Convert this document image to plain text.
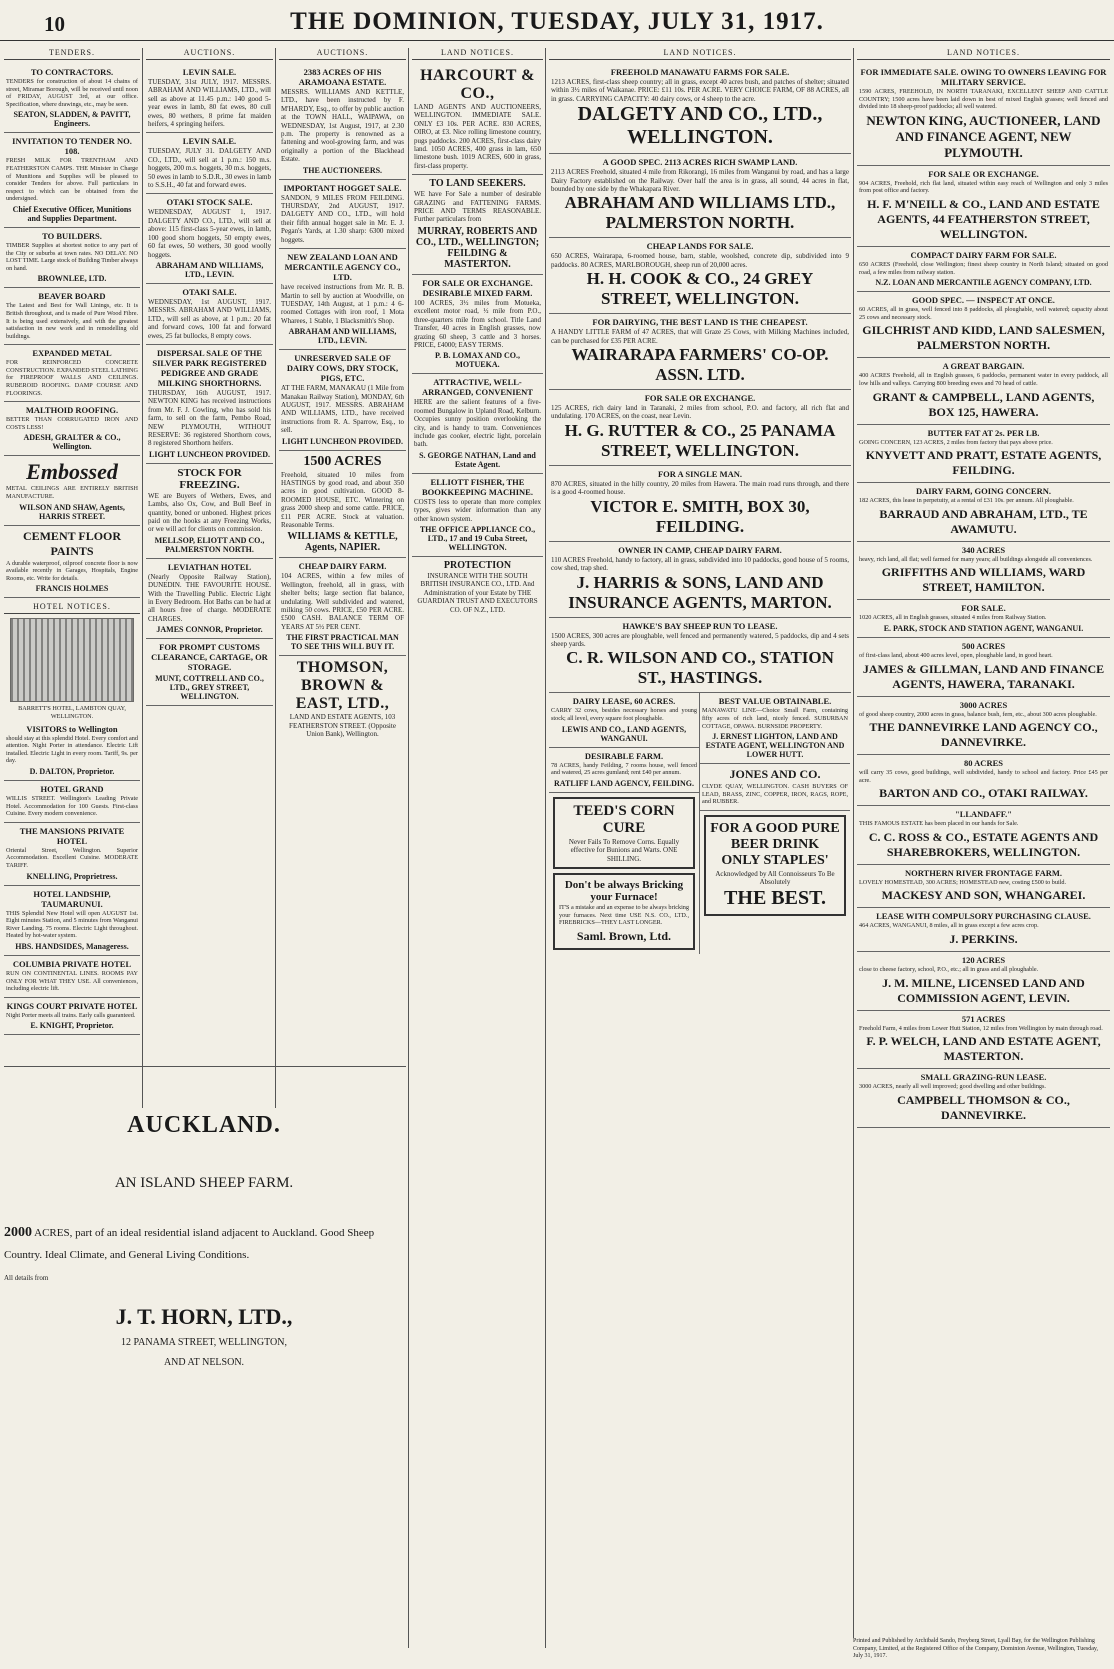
10	THE DOMINION, TUESDAY, JULY 31, 1917.
TENDERS.
TO CONTRACTORS.
TENDERS for construction of about 14 chains of street, Miramar Borough, will be received until noon of FRIDAY, AUGUST 3rd, at our office. Specification, where drawings, etc., may be seen.
SEATON, SLADDEN, & PAVITT, Engineers.
INVITATION TO TENDER NO. 108.
FRESH MILK FOR TRENTHAM AND FEATHERSTON CAMPS. THE Minister in Charge of Munitions and Supplies will be pleased to consider Tenders for above. Full particulars in respect to which can be obtained from the undersigned.
Chief Executive Officer, Munitions and Supplies Department.
TO BUILDERS.
TIMBER Supplies at shortest notice to any part of the City or suburbs at town rates. NO DELAY. NO LOST TIME. Large stock of Building Timber always on hand.
BROWNLEE, LTD.
BEAVER BOARD
The Latest and Best for Wall Linings, etc. It is British throughout, and is made of Pure Wood Fibre. It is being used extensively, and with the greatest satisfaction in new work and in remodelling old buildings.
EXPANDED METAL
FOR REINFORCED CONCRETE CONSTRUCTION. EXPANDED STEEL LATHING for FIREPROOF WALLS AND CEILINGS. RUBEROID ROOFING. DAMP COURSE AND FLOORINGS.
MALTHOID ROOFING.
BETTER THAN CORRUGATED IRON AND COSTS LESS!
ADESH, GRALTER & CO., Wellington.
Embossed
METAL CEILINGS ARE ENTIRELY BRITISH MANUFACTURE.
WILSON AND SHAW, Agents, HARRIS STREET.
CEMENT FLOOR PAINTS
A durable waterproof, oilproof concrete floor is now available recently in Garages, Hospitals, Engine Rooms, etc. Write for details.
FRANCIS HOLMES
HOTEL NOTICES.
BARRETT'S HOTEL, LAMBTON QUAY, WELLINGTON.
VISITORS to Wellington
should stay at this splendid Hotel. Every comfort and attention. Night Porter in attendance. Electric Lift installed. Electric Light in every room. Tariff, 9s. per day.
D. DALTON, Proprietor.
HOTEL GRAND
WILLIS STREET. Wellington's Leading Private Hotel. Accommodation for 100 Guests. First-class Cuisine. Every modern convenience.
THE MANSIONS PRIVATE HOTEL
Oriental Street, Wellington. Superior Accommodation. Excellent Cuisine. MODERATE TARIFF.
KNELLING, Proprietress.
HOTEL LANDSHIP, TAUMARUNUI.
THIS Splendid New Hotel will open AUGUST 1st. Eight minutes Station, and 5 minutes from Wanganui River Landing. 75 rooms. Electric Light throughout. Heated by hot-water system.
HBS. HANDSIDES, Manageress.
COLUMBIA PRIVATE HOTEL
RUN ON CONTINENTAL LINES. ROOMS PAY ONLY FOR WHAT THEY USE. All conveniences, including electric lift.
KINGS COURT PRIVATE HOTEL
Night Porter meets all trains. Early calls guaranteed.
E. KNIGHT, Proprietor.
AUCTIONS.
LEVIN SALE.
TUESDAY, 31st JULY, 1917. MESSRS. ABRAHAM AND WILLIAMS, LTD., will sell as above at 11.45 p.m.: 140 good 5-year ewes in lamb, 80 fat ewes, 80 cull ewes, 80 wethers, 8 prime fat maiden heifers, 4 springing heifers.
LEVIN SALE.
TUESDAY, JULY 31. DALGETY AND CO., LTD., will sell at 1 p.m.: 150 m.s. hoggets, 200 m.s. hoggets, 30 m.s. hoggets, 50 ewes in lamb to S.D.R., 30 ewes in lamb to S.S.H., 40 fat and forward ewes.
OTAKI STOCK SALE.
WEDNESDAY, AUGUST 1, 1917. DALGETY AND CO., LTD., will sell at above: 115 first-class 5-year ewes, in lamb, 100 good shorn hoggets, 50 empty ewes, 60 fat ewes, 50 wethers, 30 good woolly hoggets.
ABRAHAM AND WILLIAMS, LTD., LEVIN.
OTAKI SALE.
WEDNESDAY, 1st AUGUST, 1917. MESSRS. ABRAHAM AND WILLIAMS, LTD., will sell as above, at 1 p.m.: 20 fat and forward cows, 100 fat and forward ewes, 25 fat bullocks, 8 empty cows.
DISPERSAL SALE OF THE SILVER PARK REGISTERED PEDIGREE AND GRADE MILKING SHORTHORNS.
THURSDAY, 16th AUGUST, 1917. NEWTON KING has received instructions from Mr. F. J. Cowling, who has sold his farm, to sell on the farm, Pembo Road, NEW PLYMOUTH, WITHOUT RESERVE: 36 registered Shorthorn cows, 8 registered Shorthorn heifers.
LIGHT LUNCHEON PROVIDED.
STOCK FOR FREEZING.
WE are Buyers of Wethers, Ewes, and Lambs, also Ox, Cow, and Bull Beef in quantity, boned or unboned. Highest prices paid on the hooks at any Freezing Works, or we will act for clients on commission.
MELLSOP, ELIOTT AND CO., PALMERSTON NORTH.
LEVIATHAN HOTEL
(Nearly Opposite Railway Station), DUNEDIN. THE FAVOURITE HOUSE. With the Travelling Public. Electric Light in Every Bedroom. Hot Baths can be had at all hours free of charge. MODERATE CHARGES.
JAMES CONNOR, Proprietor.
FOR PROMPT CUSTOMS CLEARANCE, CARTAGE, OR STORAGE.
MUNT, COTTRELL AND CO., LTD., GREY STREET, WELLINGTON.
AUCTIONS.
2383 ACRES OF HIS ARAMOANA ESTATE.
MESSRS. WILLIAMS AND KETTLE, LTD., have been instructed by F. M'HARDY, Esq., to offer by public auction at the TOWN HALL, WAIPAWA, on WEDNESDAY, 1st August, 1917, at 2.30 p.m. The property is renowned as a fattening and wool-growing farm, and was originally a portion of the Blackhead Estate.
THE AUCTIONEERS.
IMPORTANT HOGGET SALE.
SANDON, 9 MILES FROM FEILDING. THURSDAY, 2nd AUGUST, 1917. DALGETY AND CO., LTD., will hold their fifth annual hogget sale in Mr. E. J. Pegan's Yards, at 1.30 sharp: 6300 mixed hoggets.
NEW ZEALAND LOAN AND MERCANTILE AGENCY CO., LTD.
have received instructions from Mr. R. B. Martin to sell by auction at Woodville, on TUESDAY, 14th August, at 1 p.m.: 4 6-roomed Cottages with iron roof, 1 Mota Wharees, 1 Stable, 1 Blacksmith's Shop.
ABRAHAM AND WILLIAMS, LTD., LEVIN.
UNRESERVED SALE OF DAIRY COWS, DRY STOCK, PIGS, ETC.
AT THE FARM, MANAKAU (1 Mile from Manakau Railway Station), MONDAY, 6th AUGUST, 1917. MESSRS. ABRAHAM AND WILLIAMS, LTD., have received instructions from R. A. Sparrow, Esq., to sell.
LIGHT LUNCHEON PROVIDED.
1500 ACRES
Freehold, situated 10 miles from HASTINGS by good road, and about 350 acres in good cultivation. GOOD 8-ROOMED HOUSE, ETC. Wintering on grass 2000 sheep and some cattle. PRICE, £11 PER ACRE. Stock at valuation. Reasonable Terms.
WILLIAMS & KETTLE, Agents, NAPIER.
CHEAP DAIRY FARM.
104 ACRES, within a few miles of Wellington, freehold, all in grass, with shelter belts; large section flat balance, undulating. Well subdivided and watered, milking 50 cows. PRICE, £50 PER ACRE. £500 CASH. BALANCE TERM OF YEARS AT 5½ PER CENT.
THE FIRST PRACTICAL MAN TO SEE THIS WILL BUY IT.
THOMSON, BROWN & EAST, LTD.,
LAND AND ESTATE AGENTS, 103 FEATHERSTON STREET. (Opposite Union Bank), Wellington.
LAND NOTICES.
HARCOURT & CO.,
LAND AGENTS AND AUCTIONEERS, WELLINGTON. IMMEDIATE SALE. ONLY £3 10s. PER ACRE. 830 ACRES, OIRO, at £3. Nice rolling limestone country, pugs paddocks. 200 ACRES, first-class dairy land. 1050 ACRES, 400 grass in lam, 650 limestone bush. 1019 ACRES, 600 in grass, first-class property.
TO LAND SEEKERS.
WE have For Sale a number of desirable GRAZING and FATTENING FARMS. PRICE AND TERMS REASONABLE. Further particulars from
MURRAY, ROBERTS AND CO., LTD., WELLINGTON; FEILDING & MASTERTON.
FOR SALE OR EXCHANGE. DESIRABLE MIXED FARM.
100 ACRES, 3½ miles from Motueka, excellent motor road, ½ mile from P.O., three-quarters mile from school. Title Land Transfer, 40 acres in English grasses, now grazing 60 sheep, 3 cattle and 3 horses. PRICE, £4000; EASY TERMS.
P. B. LOMAX AND CO., MOTUEKA.
ATTRACTIVE, WELL-ARRANGED, CONVENIENT
HERE are the salient features of a five-roomed Bungalow in Upland Road, Kelburn. Occupies sunny position overlooking the city, and is handy to tram. Conveniences include gas cooker, electric light, porcelain bath.
S. GEORGE NATHAN, Land and Estate Agent.
ELLIOTT FISHER, THE BOOKKEEPING MACHINE.
COSTS less to operate than more complex types, gives wider information than any other known system.
THE OFFICE APPLIANCE CO., LTD., 17 and 19 Cuba Street, WELLINGTON.
PROTECTION
INSURANCE WITH THE SOUTH BRITISH INSURANCE CO., LTD. And Administration of your Estate by THE GUARDIAN TRUST AND EXECUTORS CO. OF N.Z., LTD.
LAND NOTICES.
FREEHOLD MANAWATU FARMS FOR SALE.
1213 ACRES, first-class sheep country; all in grass, except 40 acres bush, and patches of shelter; situated within 3½ miles of Waikanae. PRICE: £11 10s. PER ACRE. VERY CHOICE FARM, OF 88 ACRES, all in grass. CARRYING CAPACITY: 40 dairy cows, or 4 sheep to the acre.
DALGETY AND CO., LTD., WELLINGTON.
A GOOD SPEC. 2113 ACRES RICH SWAMP LAND.
2113 ACRES Freehold, situated 4 mile from Rikorangi, 16 miles from Wanganui by road, and has a large Dairy Factory established on the Railway. Over half the area is in grass, all sound, 44 acres in flat, bounded by one side by the Whakapara River.
ABRAHAM AND WILLIAMS LTD., PALMERSTON NORTH.
CHEAP LANDS FOR SALE.
650 ACRES, Wairarapa, 6-roomed house, barn, stable, woolshed, concrete dip, subdivided into 9 paddocks. 80 ACRES, MARLBOROUGH, sheep run of 20,000 acres.
H. H. COOK & CO., 24 GREY STREET, WELLINGTON.
FOR DAIRYING, THE BEST LAND IS THE CHEAPEST.
A HANDY LITTLE FARM of 47 ACRES, that will Graze 25 Cows, with Milking Machines included, can be purchased for £35 PER ACRE.
WAIRARAPA FARMERS' CO-OP. ASSN. LTD.
FOR SALE OR EXCHANGE.
125 ACRES, rich dairy land in Taranaki, 2 miles from school, P.O. and factory, all rich flat and undulating. 170 ACRES, on the coast, near Levin.
H. G. RUTTER & CO., 25 PANAMA STREET, WELLINGTON.
FOR A SINGLE MAN.
870 ACRES, situated in the hilly country, 20 miles from Hawera. The main road runs through, and there is a good 4-roomed house.
VICTOR E. SMITH, BOX 30, FEILDING.
OWNER IN CAMP, CHEAP DAIRY FARM.
110 ACRES Freehold, handy to factory, all in grass, subdivided into 10 paddocks, good house of 5 rooms, cow shed, trap shed.
J. HARRIS & SONS, LAND AND INSURANCE AGENTS, MARTON.
HAWKE'S BAY SHEEP RUN TO LEASE.
1500 ACRES, 300 acres are ploughable, well fenced and permanently watered, 5 paddocks, dip and 4 sets sheep yards.
C. R. WILSON AND CO., STATION ST., HASTINGS.
DAIRY LEASE, 60 ACRES.
CARRY 32 cows, besides necessary horses and young stock; all level, every square foot ploughable.
LEWIS AND CO., LAND AGENTS, WANGANUI.
DESIRABLE FARM.
78 ACRES, handy Feilding, 7 rooms house, well fenced and watered, 25 acres gumland; rent £40 per annum.
RATLIFF LAND AGENCY, FEILDING.
TEED'S CORN CURE
Never Fails To Remove Corns. Equally effective for Bunions and Warts. ONE SHILLING.
Don't be always Bricking your Furnace!
IT'S a mistake and an expense to be always bricking your furnaces. Next time USE N.S. CO., LTD., FIREBRICKS—THEY LAST LONGER.
Saml. Brown, Ltd.
BEST VALUE OBTAINABLE.
MANAWATU LINE—Choice Small Farm, containing fifty acres of rich land, nicely fenced. SUBURBAN COTTAGE, OPAWA. BURNSIDE PROPERTY.
J. ERNEST LIGHTON, LAND AND ESTATE AGENT, WELLINGTON AND LOWER HUTT.
JONES AND CO.
CLYDE QUAY, WELLINGTON. CASH BUYERS OF LEAD, BRASS, ZINC, COPPER, IRON, RAGS, ROPE, and RUBBER.
FOR A GOOD PURE BEER DRINK ONLY STAPLES'
Acknowledged by All Connoisseurs To Be Absolutely
THE BEST.
LAND NOTICES.
FOR IMMEDIATE SALE. OWING TO OWNERS LEAVING FOR MILITARY SERVICE.
1590 ACRES, FREEHOLD, IN NORTH TARANAKI, EXCELLENT SHEEP AND CATTLE COUNTRY; 1500 acres have been laid down in best of mixed English grasses; well fenced and divided into 18 sheep-proof paddocks; all well watered.
NEWTON KING, AUCTIONEER, LAND AND FINANCE AGENT, NEW PLYMOUTH.
FOR SALE OR EXCHANGE.
904 ACRES, Freehold, rich flat land, situated within easy reach of Wellington and only 3 miles from post office and factory.
H. F. M'NEILL & CO., LAND AND ESTATE AGENTS, 44 FEATHERSTON STREET, WELLINGTON.
COMPACT DAIRY FARM FOR SALE.
650 ACRES (Freehold, close Wellington; finest sheep country in North Island; situated on good road, a few miles from railway station.
N.Z. LOAN AND MERCANTILE AGENCY COMPANY, LTD.
GOOD SPEC. — INSPECT AT ONCE.
60 ACRES, all in grass, well fenced into 8 paddocks, all ploughable, well watered; capacity about 25 cows and necessary stock.
GILCHRIST AND KIDD, LAND SALESMEN, PALMERSTON NORTH.
A GREAT BARGAIN.
400 ACRES Freehold, all in English grasses, 6 paddocks, permanent water in every paddock, all low hills and valleys. Carrying 800 breeding ewes and 70 head of cattle.
GRANT & CAMPBELL, LAND AGENTS, BOX 125, HAWERA.
BUTTER FAT AT 2s. PER LB.
GOING CONCERN, 123 ACRES, 2 miles from factory that pays above price.
KNYVETT AND PRATT, ESTATE AGENTS, FEILDING.
DAIRY FARM, GOING CONCERN.
182 ACRES, this lease in perpetuity, at a rental of £31 10s. per annum. All ploughable.
BARRAUD AND ABRAHAM, LTD., TE AWAMUTU.
340 ACRES
heavy, rich land, all flat; well farmed for many years; all buildings alongside all conveniences.
GRIFFITHS AND WILLIAMS, WARD STREET, HAMILTON.
FOR SALE.
1020 ACRES, all in English grasses, situated 4 miles from Railway Station.
E. PARK, STOCK AND STATION AGENT, WANGANUI.
500 ACRES
of first-class land, about 400 acres level, open, ploughable land, in good heart.
JAMES & GILLMAN, LAND AND FINANCE AGENTS, HAWERA, TARANAKI.
3000 ACRES
of good sheep country, 2000 acres in grass, balance bush, fern, etc., about 300 acres ploughable.
THE DANNEVIRKE LAND AGENCY CO., DANNEVIRKE.
80 ACRES
will carry 35 cows, good buildings, well subdivided, handy to school and factory. Price £45 per acre.
BARTON AND CO., OTAKI RAILWAY.
"LLANDAFF."
THIS FAMOUS ESTATE has been placed in our hands for Sale.
C. C. ROSS & CO., ESTATE AGENTS AND SHAREBROKERS, WELLINGTON.
NORTHERN RIVER FRONTAGE FARM.
LOVELY HOMESTEAD, 300 ACRES; HOMESTEAD new, costing £500 to build.
MACKESY AND SON, WHANGAREI.
LEASE WITH COMPULSORY PURCHASING CLAUSE.
464 ACRES, WANGANUI, 8 miles, all in grass except a few acres crop.
J. PERKINS.
120 ACRES
close to cheese factory, school, P.O., etc.; all in grass and all ploughable.
J. M. MILNE, LICENSED LAND AND COMMISSION AGENT, LEVIN.
571 ACRES
Freehold Farm, 4 miles from Lower Hutt Station, 12 miles from Wellington by main through road.
F. P. WELCH, LAND AND ESTATE AGENT, MASTERTON.
SMALL GRAZING-RUN LEASE.
3000 ACRES, nearly all well improved; good dwelling and other buildings.
CAMPBELL THOMSON & CO., DANNEVIRKE.
AUCKLAND.
AN ISLAND SHEEP FARM.
2000 ACRES, part of an ideal residential island adjacent to Auckland. Good Sheep Country. Ideal Climate, and General Living Conditions.
All details from
J. T. HORN, LTD.,
12 PANAMA STREET, WELLINGTON,
AND AT NELSON.
Printed and Published by Archibald Sando, Freyberg Street, Lyall Bay, for the Wellington Publishing Company, Limited, at the Registered Office of the Company, Dominion Avenue, Wellington, Tuesday, July 31, 1917.
